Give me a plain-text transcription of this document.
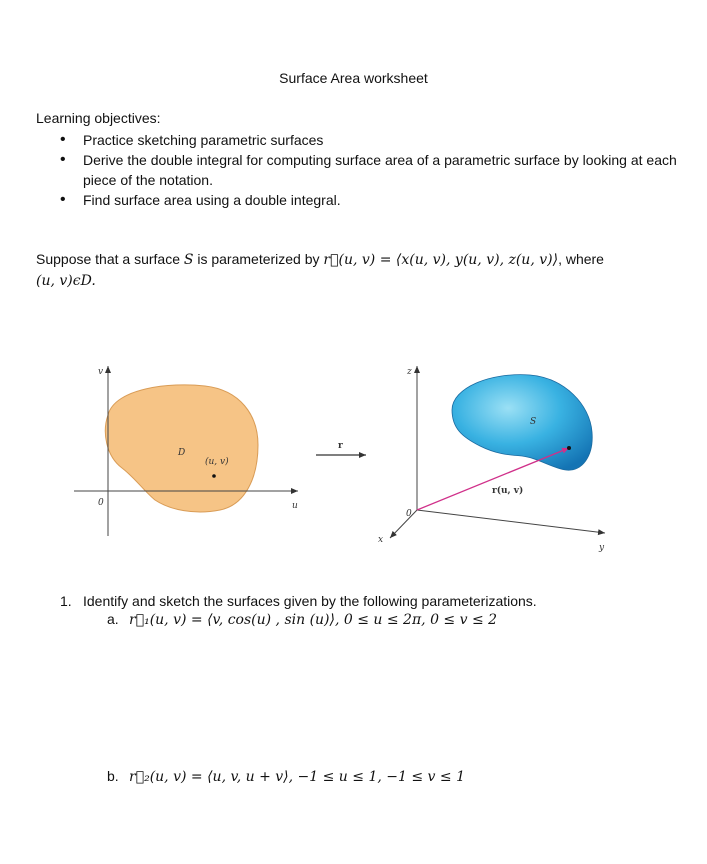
Surface Area worksheet
Learning objectives:
• Practice sketching parametric surfaces
• Derive the double integral for computing surface area of a parametric surface by looking at each piece of the notation.
• Find surface area using a double integral.
Suppose that a surface S is parameterized by r⃗(u, v) = ⟨x(u, v), y(u, v), z(u, v)⟩, where
(u, v)ϵD.
v
u
0
D
(u, v)
r
z
y
x
0
S
r(u, v)
1. Identify and sketch the surfaces given by the following parameterizations.
a. r⃗₁(u, v) = ⟨v, cos(u) , sin (u)⟩, 0 ≤ u ≤ 2π, 0 ≤ v ≤ 2
b. r⃗₂(u, v) = ⟨u, v, u + v⟩, −1 ≤ u ≤ 1, −1 ≤ v ≤ 1
